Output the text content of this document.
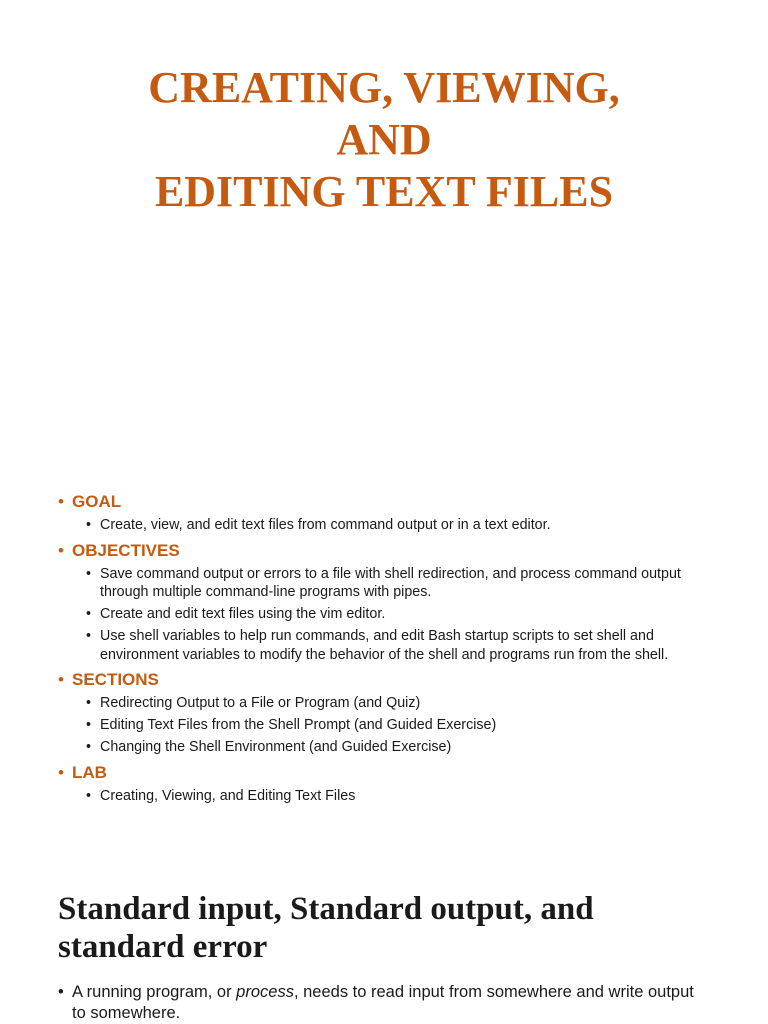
CREATING, VIEWING,
AND
EDITING TEXT FILES
• GOAL
• Create, view, and edit text files from command output or in a text editor.
• OBJECTIVES
• Save command output or errors to a file with shell redirection, and process command output through multiple command-line programs with pipes.
• Create and edit text files using the vim editor.
• Use shell variables to help run commands, and edit Bash startup scripts to set shell and environment variables to modify the behavior of the shell and programs run from the shell.
• SECTIONS
• Redirecting Output to a File or Program (and Quiz)
• Editing Text Files from the Shell Prompt (and Guided Exercise)
• Changing the Shell Environment (and Guided Exercise)
• LAB
• Creating, Viewing, and Editing Text Files
Standard input, Standard output, and
standard error
• A running program, or process, needs to read input from somewhere and write output to somewhere.
